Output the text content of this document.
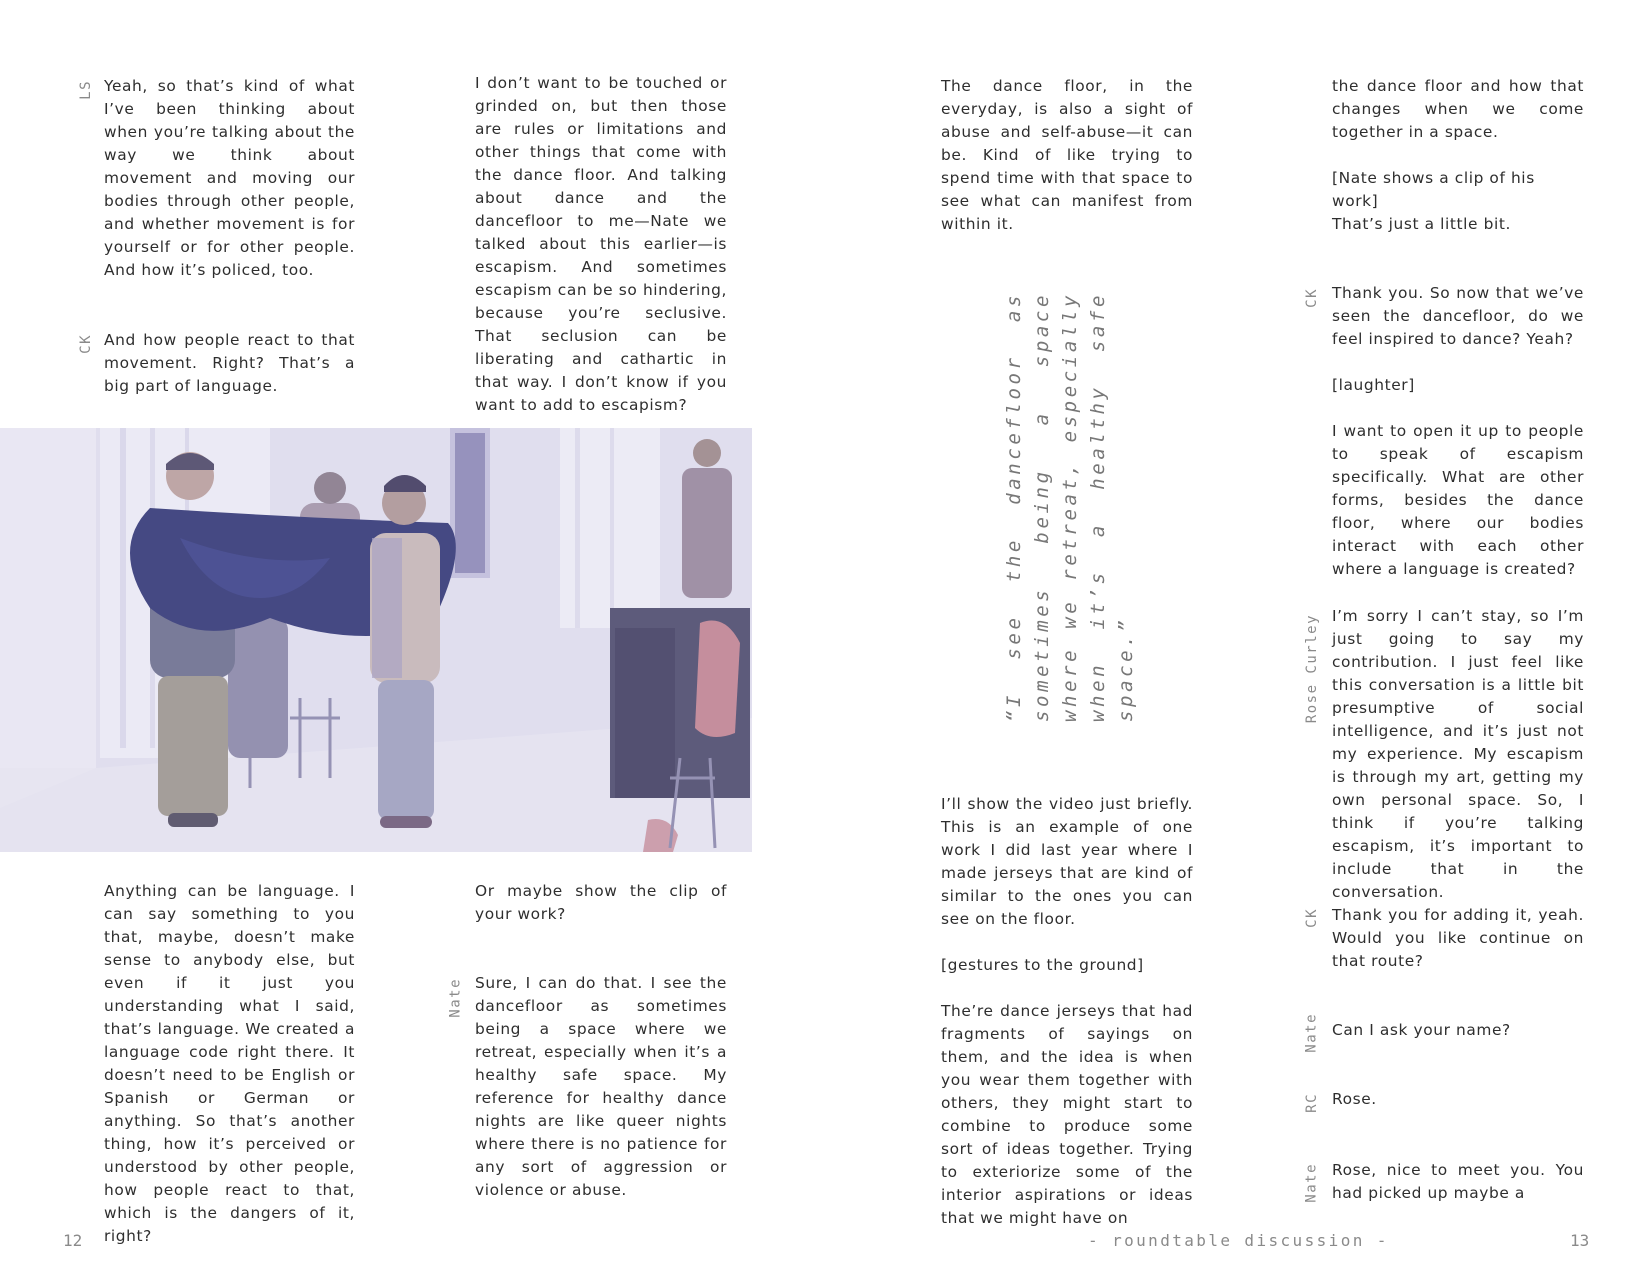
LS Yeah, so that’s kind of what I’ve been thinking about when you’re talking about the way we think about movement and moving our bodies through other people, and whether movement is for yourself or for other people. And how it’s policed, too.

CK And how people react to that movement. Right? That’s a big part of language.

I don’t want to be touched or grinded on, but then those are rules or limitations and other things that come with the dance floor. And talking about dance and the dancefloor to me—Nate we talked about this earlier—is escapism. And sometimes escapism can be so hindering, because you’re seclusive. That seclusion can be liberating and cathartic in that way. I don’t know if you want to add to escapism?

Anything can be language. I can say something to you that, maybe, doesn’t make sense to anybody else, but even if it just you understanding what I said, that’s language. We created a language code right there. It doesn’t need to be English or Spanish or German or anything. So that’s another thing, how it’s perceived or understood by other people, how people react to that, which is the dangers of it, right?

Or maybe show the clip of your work?

Nate Sure, I can do that. I see the dancefloor as sometimes being a space where we retreat, especially when it’s a healthy safe space. My reference for healthy dance nights are like queer nights where there is no patience for any sort of aggression or violence or abuse.

12

The dance floor, in the everyday, is also a sight of abuse and self-abuse—it can be. Kind of like trying to spend time with that space to see what can manifest from within it.

“I see the dancefloor as sometimes being a space where we retreat, especially when it’s a healthy safe space.”

I’ll show the video just briefly. This is an example of one work I did last year where I made jerseys that are kind of similar to the ones you can see on the floor.

[gestures to the ground]

The’re dance jerseys that had fragments of sayings on them, and the idea is when you wear them together with others, they might start to combine to produce some sort of ideas together. Trying to exteriorize some of the interior aspirations or ideas that we might have on

the dance floor and how that changes when we come together in a space.

[Nate shows a clip of his work]

That’s just a little bit.

CK Thank you. So now that we’ve seen the dancefloor, do we feel inspired to dance? Yeah?

[laughter]

I want to open it up to people to speak of escapism specifically. What are other forms, besides the dance floor, where our bodies interact with each other where a language is created?

Rose Curley I’m sorry I can’t stay, so I’m just going to say my contribution. I just feel like this conversation is a little bit presumptive of social intelligence, and it’s just not my experience. My escapism is through my art, getting my own personal space. So, I think if you’re talking escapism, it’s important to include that in the conversation.

CK Thank you for adding it, yeah. Would you like continue on that route?

Nate Can I ask your name?

RC Rose.

Nate Rose, nice to meet you. You had picked up maybe a

- roundtable discussion -	13
